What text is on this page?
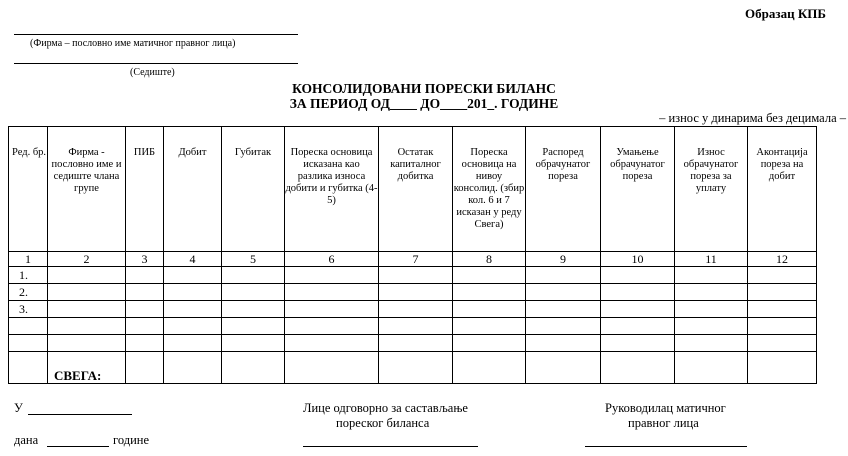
Образац КПБ
(Фирма – пословно име матичног правног лица)
(Седиште)
КОНСОЛИДОВАНИ ПОРЕСКИ БИЛАНС
ЗА ПЕРИОД ОД____ ДО____201_. ГОДИНЕ
– износ у динарима без децимала –
Ред. бр.	Фирма - пословно име и седиште члана групе	ПИБ	Добит	Губитак	Пореска основица исказана као разлика износа добити и губитка (4-5)	Остатак капиталног добитка	Пореска основица на нивоу консолид. (збир кол. 6 и 7 исказан у реду Свега)	Распоред обрачунатог пореза	Умањење обрачунатог пореза	Износ обрачунатог пореза за уплату	Аконтација пореза на добит
1	2	3	4	5	6	7	8	9	10	11	12
1.											
2.											
3.											

	СВЕГА:										
У
дана	године
Лице одговорно за састављање
пореског биланса
Руководилац матичног
правног лица
